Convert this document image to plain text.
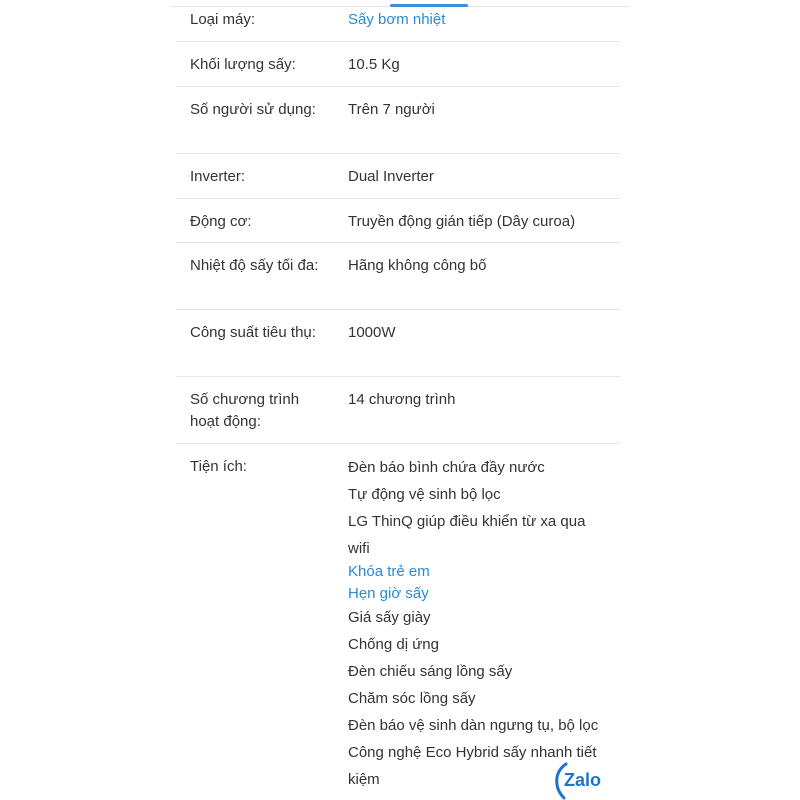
Loại máy:	Sấy bơm nhiệt
Khối lượng sấy:	10.5 Kg
Số người sử dụng: Trên 7 người
Inverter:	Dual Inverter
Động cơ:	Truyền động gián tiếp (Dây curoa)
Nhiệt độ sấy tối đa: Hãng không công bố
Công suất tiêu thụ: 1000W
Số chương trình hoạt động:
14 chương trình
Tiện ích:	Đèn báo bình chứa đầy nước
Tự động vệ sinh bộ lọc
LG ThinQ giúp điều khiển từ xa qua wifi
Khóa trẻ em
Hẹn giờ sấy
Giá sấy giày
Chống dị ứng
Đèn chiếu sáng lồng sấy
Chăm sóc lồng sấy
Đèn báo vệ sinh dàn ngưng tụ, bộ lọc
Công nghệ Eco Hybrid sấy nhanh tiết kiệm	Zalo
